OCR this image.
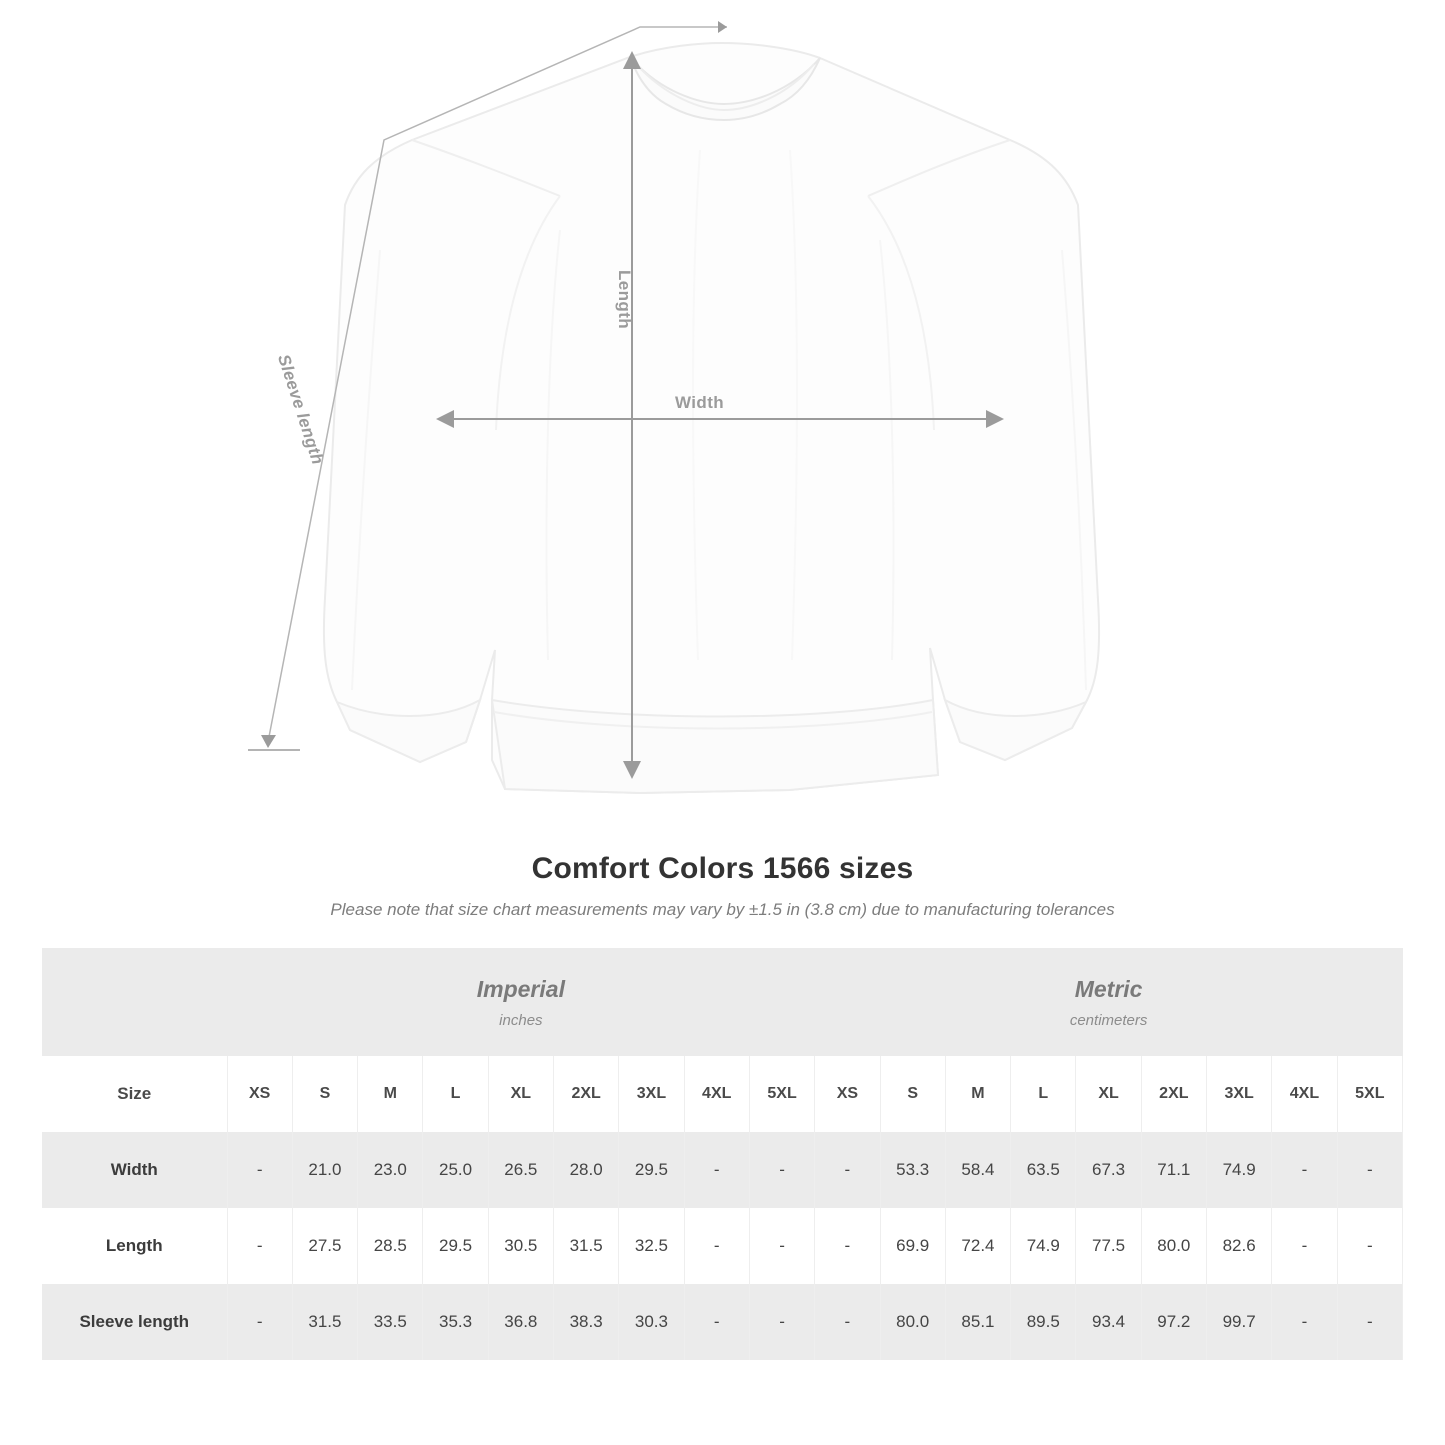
Width
Length
Sleeve length
Comfort Colors 1566 sizes
Please note that size chart measurements may vary by ±1.5 in (3.8 cm) due to manufacturing tolerances

Imperial
inches

Metric
centimeters

Size	XS	S	M	L	XL	2XL	3XL	4XL	5XL	XS	S	M	L	XL	2XL	3XL	4XL	5XL
Width	-	21.0	23.0	25.0	26.5	28.0	29.5	-	-	-	53.3	58.4	63.5	67.3	71.1	74.9	-	-
Length	-	27.5	28.5	29.5	30.5	31.5	32.5	-	-	-	69.9	72.4	74.9	77.5	80.0	82.6	-	-
Sleeve length	-	31.5	33.5	35.3	36.8	38.3	30.3	-	-	-	80.0	85.1	89.5	93.4	97.2	99.7	-	-
